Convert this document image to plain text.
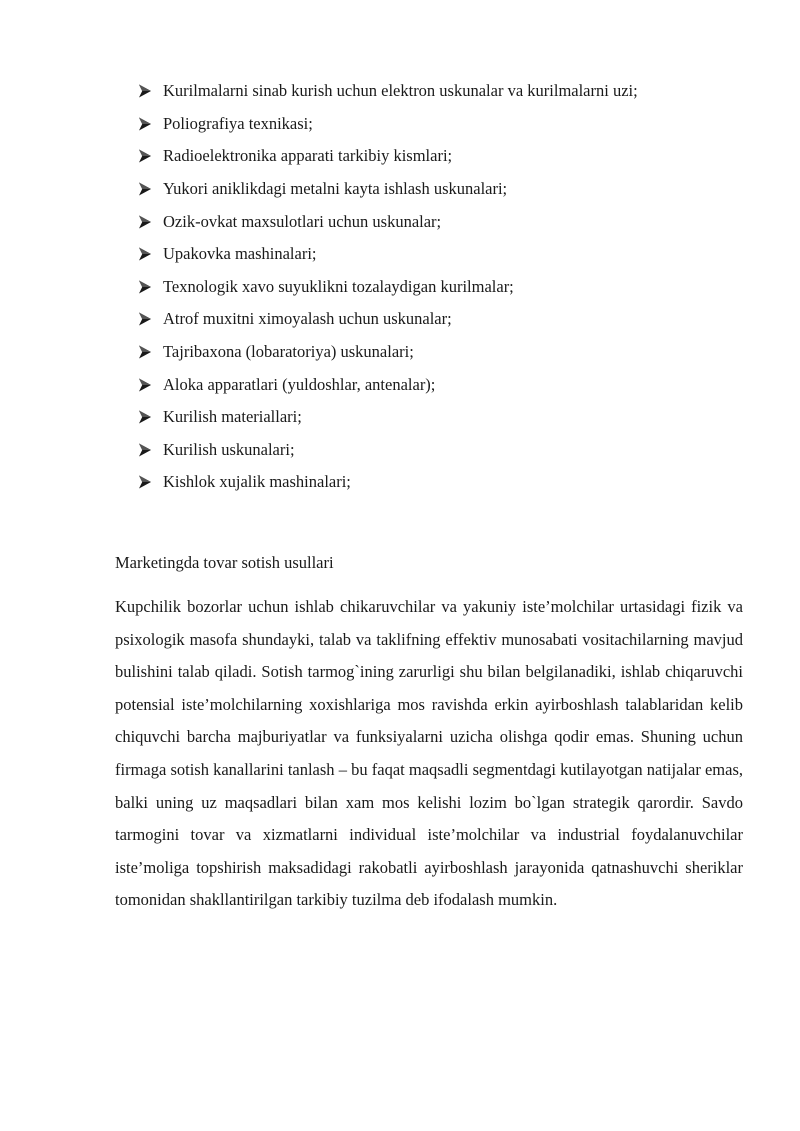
Kurilmalarni sinab kurish uchun elektron uskunalar va kurilmalarni uzi;
Poliografiya texnikasi;
Radioelektronika apparati tarkibiy kismlari;
Yukori aniklikdagi metalni kayta ishlash uskunalari;
Ozik-ovkat maxsulotlari uchun uskunalar;
Upakovka mashinalari;
Texnologik xavo suyuklikni tozalaydigan kurilmalar;
Atrof muxitni ximoyalash uchun uskunalar;
Tajribaxona (lobaratoriya) uskunalari;
Aloka apparatlari (yuldoshlar, antenalar);
Kurilish materiallari;
Kurilish uskunalari;
Kishlok xujalik mashinalari;
Marketingda tovar sotish usullari

Kupchilik bozorlar uchun ishlab chikaruvchilar va yakuniy iste’molchilar urtasidagi fizik va psixologik masofa shundayki, talab va taklifning effektiv munosabati vositachilarning mavjud bulishini talab qiladi. Sotish tarmog`ining zarurligi shu bilan belgilanadiki, ishlab chiqaruvchi potensial iste’molchilarning xoxishlariga mos ravishda erkin ayirboshlash talablaridan kelib chiquvchi barcha majburiyatlar va funksiyalarni uzicha olishga qodir emas. Shuning uchun firmaga sotish kanallarini tanlash – bu faqat maqsadli segmentdagi kutilayotgan natijalar emas, balki uning uz maqsadlari bilan xam mos kelishi lozim bo`lgan strategik qarordir. Savdo tarmogini tovar va xizmatlarni individual iste’molchilar va industrial foydalanuvchilar iste’moliga topshirish maksadidagi rakobatli ayirboshlash jarayonida qatnashuvchi sheriklar tomonidan shakllantirilgan tarkibiy tuzilma deb ifodalash mumkin.
